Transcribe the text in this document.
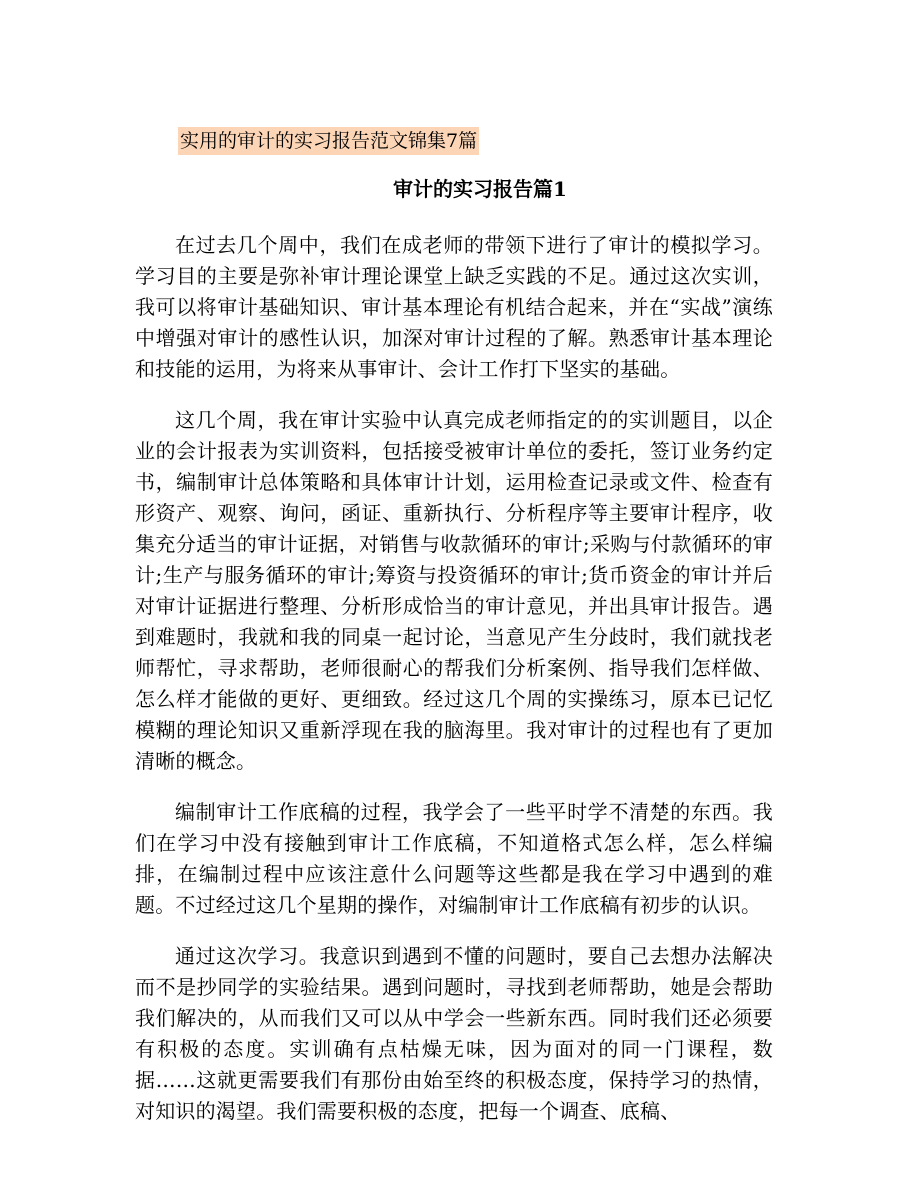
实用的审计的实习报告范文锦集7篇
审计的实习报告篇1

在过去几个周中，我们在成老师的带领下进行了审计的模拟学习。学习目的主要是弥补审计理论课堂上缺乏实践的不足。通过这次实训，我可以将审计基础知识、审计基本理论有机结合起来，并在“实战”演练中增强对审计的感性认识，加深对审计过程的了解。熟悉审计基本理论和技能的运用，为将来从事审计、会计工作打下坚实的基础。

这几个周，我在审计实验中认真完成老师指定的的实训题目，以企业的会计报表为实训资料，包括接受被审计单位的委托，签订业务约定书，编制审计总体策略和具体审计计划，运用检查记录或文件、检查有形资产、观察、询问，函证、重新执行、分析程序等主要审计程序，收集充分适当的审计证据，对销售与收款循环的审计;采购与付款循环的审计;生产与服务循环的审计;筹资与投资循环的审计;货币资金的审计并后对审计证据进行整理、分析形成恰当的审计意见，并出具审计报告。遇到难题时，我就和我的同桌一起讨论，当意见产生分歧时，我们就找老师帮忙，寻求帮助，老师很耐心的帮我们分析案例、指导我们怎样做、怎么样才能做的更好、更细致。经过这几个周的实操练习，原本已记忆模糊的理论知识又重新浮现在我的脑海里。我对审计的过程也有了更加清晰的概念。

编制审计工作底稿的过程，我学会了一些平时学不清楚的东西。我们在学习中没有接触到审计工作底稿，不知道格式怎么样，怎么样编排，在编制过程中应该注意什么问题等这些都是我在学习中遇到的难题。不过经过这几个星期的操作，对编制审计工作底稿有初步的认识。

通过这次学习。我意识到遇到不懂的问题时，要自己去想办法解决而不是抄同学的实验结果。遇到问题时，寻找到老师帮助，她是会帮助我们解决的，从而我们又可以从中学会一些新东西。同时我们还必须要有积极的态度。实训确有点枯燥无味，因为面对的同一门课程，数据……这就更需要我们有那份由始至终的积极态度，保持学习的热情，对知识的渴望。我们需要积极的态度，把每一个调查、底稿、
